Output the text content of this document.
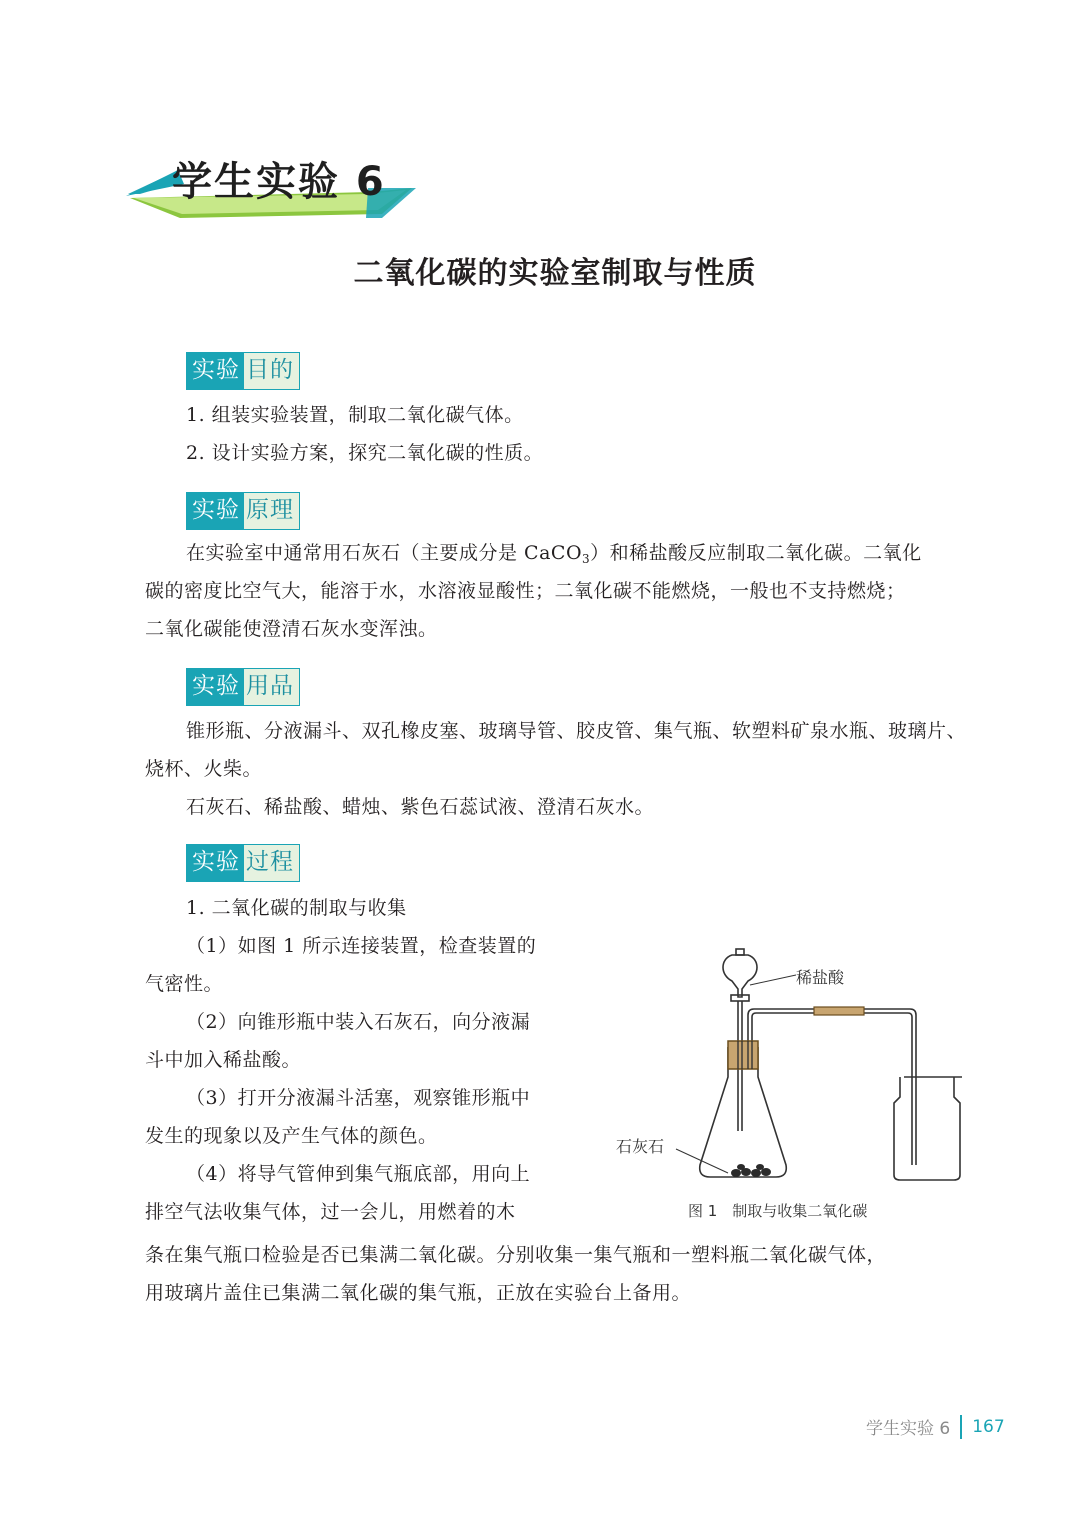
学生实验 6
二氧化碳的实验室制取与性质
实验 目的
1. 组装实验装置，制取二氧化碳气体。
2. 设计实验方案，探究二氧化碳的性质。
实验 原理
在实验室中通常用石灰石（主要成分是 CaCO$_3$）和稀盐酸反应制取二氧化碳。二氧化
碳的密度比空气大，能溶于水，水溶液显酸性；二氧化碳不能燃烧，一般也不支持燃烧；
二氧化碳能使澄清石灰水变浑浊。
实验 用品
锥形瓶、分液漏斗、双孔橡皮塞、玻璃导管、胶皮管、集气瓶、软塑料矿泉水瓶、玻璃片、
烧杯、火柴。
石灰石、稀盐酸、蜡烛、紫色石蕊试液、澄清石灰水。
实验 过程
1. 二氧化碳的制取与收集
（1）如图 1 所示连接装置，检查装置的
气密性。
（2）向锥形瓶中装入石灰石，向分液漏
斗中加入稀盐酸。
（3）打开分液漏斗活塞，观察锥形瓶中
发生的现象以及产生气体的颜色。
（4）将导气管伸到集气瓶底部，用向上
排空气法收集气体，过一会儿，用燃着的木
条在集气瓶口检验是否已集满二氧化碳。分别收集一集气瓶和一塑料瓶二氧化碳气体，
用玻璃片盖住已集满二氧化碳的集气瓶，正放在实验台上备用。
稀盐酸
石灰石
图 1　制取与收集二氧化碳
学生实验 6 167
